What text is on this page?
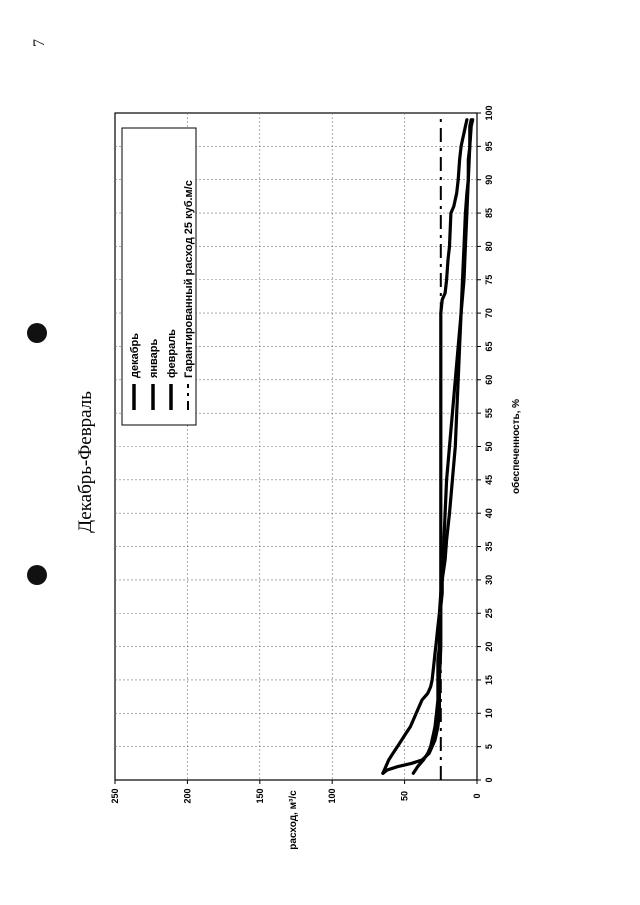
7
Декабрь-Февраль
0
5
10
15
20
25
30
35
40
45
50
55
60
65
70
75
80
85
90
95
100
0
50
100
150
200
250
декабрь январь февраль Гарантированный расход 25 куб.м/с
обеспеченность, %
расход, м³/с
